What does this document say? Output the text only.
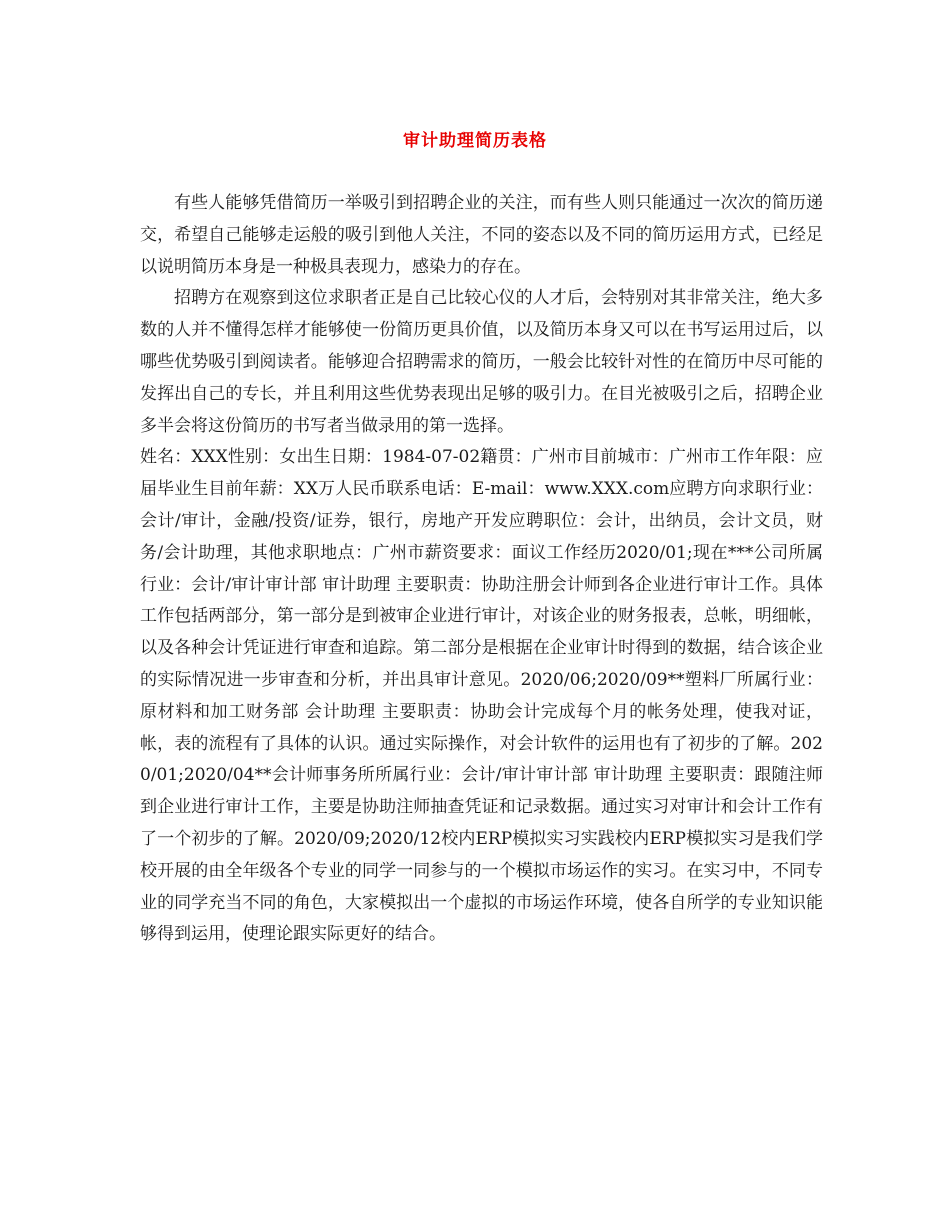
审计助理简历表格

有些人能够凭借简历一举吸引到招聘企业的关注，而有些人则只能通过一次次的简历递交，希望自己能够走运般的吸引到他人关注，不同的姿态以及不同的简历运用方式，已经足以说明简历本身是一种极具表现力，感染力的存在。

招聘方在观察到这位求职者正是自己比较心仪的人才后，会特别对其非常关注，绝大多数的人并不懂得怎样才能够使一份简历更具价值，以及简历本身又可以在书写运用过后，以哪些优势吸引到阅读者。能够迎合招聘需求的简历，一般会比较针对性的在简历中尽可能的发挥出自己的专长，并且利用这些优势表现出足够的吸引力。在目光被吸引之后，招聘企业多半会将这份简历的书写者当做录用的第一选择。

姓名：XXX性别：女出生日期：1984-07-02籍贯：广州市目前城市：广州市工作年限：应届毕业生目前年薪：XX万人民币联系电话：E-mail：www.XXX.com应聘方向求职行业：会计/审计，金融/投资/证券，银行，房地产开发应聘职位：会计，出纳员，会计文员，财务/会计助理，其他求职地点：广州市薪资要求：面议工作经历2020/01;现在***公司所属行业：会计/审计审计部 审计助理 主要职责：协助注册会计师到各企业进行审计工作。具体工作包括两部分，第一部分是到被审企业进行审计，对该企业的财务报表，总帐，明细帐，以及各种会计凭证进行审查和追踪。第二部分是根据在企业审计时得到的数据，结合该企业的实际情况进一步审查和分析，并出具审计意见。2020/06;2020/09**塑料厂所属行业：原材料和加工财务部 会计助理 主要职责：协助会计完成每个月的帐务处理，使我对证，帐，表的流程有了具体的认识。通过实际操作，对会计软件的运用也有了初步的了解。2020/01;2020/04**会计师事务所所属行业：会计/审计审计部 审计助理 主要职责：跟随注师到企业进行审计工作，主要是协助注师抽查凭证和记录数据。通过实习对审计和会计工作有了一个初步的了解。2020/09;2020/12校内ERP模拟实习实践校内ERP模拟实习是我们学校开展的由全年级各个专业的同学一同参与的一个模拟市场运作的实习。在实习中，不同专业的同学充当不同的角色，大家模拟出一个虚拟的市场运作环境，使各自所学的专业知识能够得到运用，使理论跟实际更好的结合。
